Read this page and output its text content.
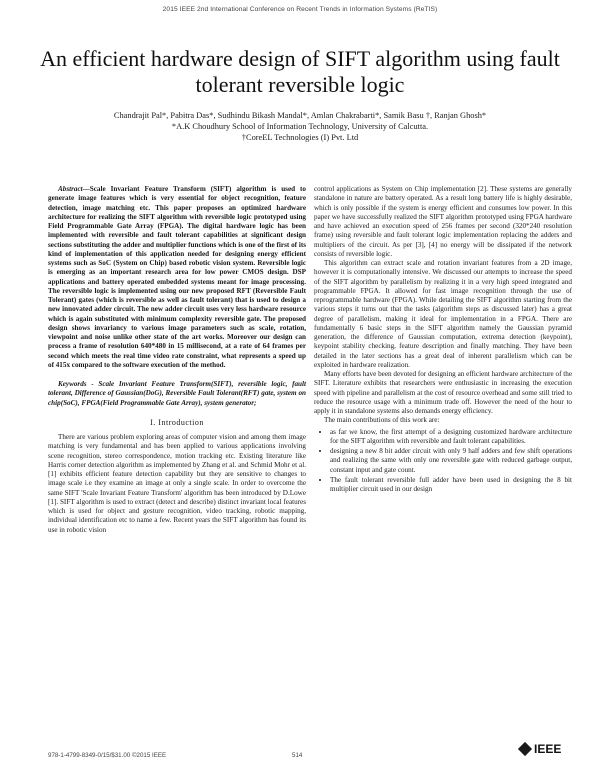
2015 IEEE 2nd International Conference on Recent Trends in Information Systems (ReTIS)
An efficient hardware design of SIFT algorithm using fault tolerant reversible logic
Chandrajit Pal*, Pabitra Das*, Sudhindu Bikash Mandal*, Amlan Chakrabarti*, Samik Basu †, Ranjan Ghosh*
*A.K Choudhury School of Information Technology, University of Calcutta.
†CoreEL Technologies (I) Pvt. Ltd

Abstract—Scale Invariant Feature Transform (SIFT) algorithm is used to generate image features which is very essential for object recognition, feature detection, image matching etc. This paper proposes an optimized hardware architecture for realizing the SIFT algorithm with reversible logic prototyped using Field Programmable Gate Array (FPGA). The digital hardware logic has been implemented with reversible and fault tolerant capabilities at significant design sections substituting the adder and multiplier functions which is one of the first of its kind of implementation of this application needed for designing energy efficient systems such as SoC (System on Chip) based robotic vision system. Reversible logic is emerging as an important research area for low power CMOS design. DSP applications and battery operated embedded systems meant for image processing. The reversible logic is implemented using our new proposed RFT (Reversible Fault Tolerant) gates (which is reversible as well as fault tolerant) that is used to design a new innovated adder circuit. The new adder circuit uses very less hardware resource which is again substituted with minimum complexity reversible gate. The proposed design shows invariancy to various image parameters such as scale, rotation, viewpoint and noise unlike other state of the art works. Moreover our design can process a frame of resolution 640*480 in 15 millisecond, at a rate of 64 frames per second which meets the real time video rate constraint, what represents a speed up of 415x compared to the software execution of the method.

Keywords - Scale Invariant Feature Transform(SIFT), reversible logic, fault tolerant, Difference of Gaussian(DoG), Reversible Fault Tolerant(RFT) gate, system on chip(SoC), FPGA(Field Programmable Gate Array), system generator;

I. Introduction

There are various problem exploring areas of computer vision and among them image matching is very fundamental and has been applied to various applications involving scene recognition, stereo correspondence, motion tracking etc. Existing literature like Harris corner detection algorithm as implemented by Zhang et al. and Schmid Mohr et al.[1] exhibits efficient feature detection capability but they are sensitive to changes to image scale i.e they examine an image at only a single scale. In order to overcome the same SIFT 'Scale Invariant Feature Transform' algorithm has been introduced by D.Lowe [1]. SIFT algorithm is used to extract (detect and describe) distinct invariant local features which is used for object and gesture recognition, video tracking, robotic mapping, individual identification etc to name a few. Recent years the SIFT algorithm has found its use in robotic vision

control applications as System on Chip implementation [2]. These systems are generally standalone in nature are battery operated. As a result long battery life is highly desirable, which is only possible if the system is energy efficient and consumes low power. In this paper we have successfully realized the SIFT algorithm prototyped using FPGA hardware and have achieved an execution speed of 256 frames per second (320*240 resolution frame) using reversible and fault tolerant logic implementation replacing the adders and multipliers of the circuit. As per [3], [4] no energy will be dissipated if the network consists of reversible logic.

This algorithm can extract scale and rotation invariant features from a 2D image, however it is computationally intensive. We discussed our attempts to increase the speed of the SIFT algorithm by parallelism by realizing it in a very high speed integrated and programmable FPGA. It allowed for fast image recognition through the use of reprogrammable hardware (FPGA). While detailing the SIFT algorithm starting from the various steps it turns out that the tasks (algorithm steps as discussed later) has a great degree of parallelism, making it ideal for implementation in a FPGA. There are fundamentally 6 basic steps in the SIFT algorithm namely the Gaussian pyramid generation, the difference of Gaussian computation, extrema detection (keypoint), keypoint stability checking, feature description and finally matching. They have been detailed in the later sections has a great deal of inherent parallelism which can be exploited in hardware realization.

Many efforts have been devoted for designing an efficient hardware architecture of the SIFT. Literature exhibits that researchers were enthusiastic in increasing the execution speed with pipeline and parallelism at the cost of resource overhead and some still tried to reduce the resource usage with a minimum trade off. However the need of the hour to apply it in standalone systems also demands energy efficiency.

The main contributions of this work are:

• as far we know, the first attempt of a designing customized hardware architecture for the SIFT algorithm with reversible and fault tolerant capabilities.
• designing a new 8 bit adder circuit with only 9 half adders and few shift operations and realizing the same with only one reversible gate with reduced garbage output, constant input and gate count.
• The fault tolerant reversible full adder have been used in designing the 8 bit multiplier circuit used in our design
978-1-4799-8349-0/15/$31.00 ©2015 IEEE	514	IEEE
